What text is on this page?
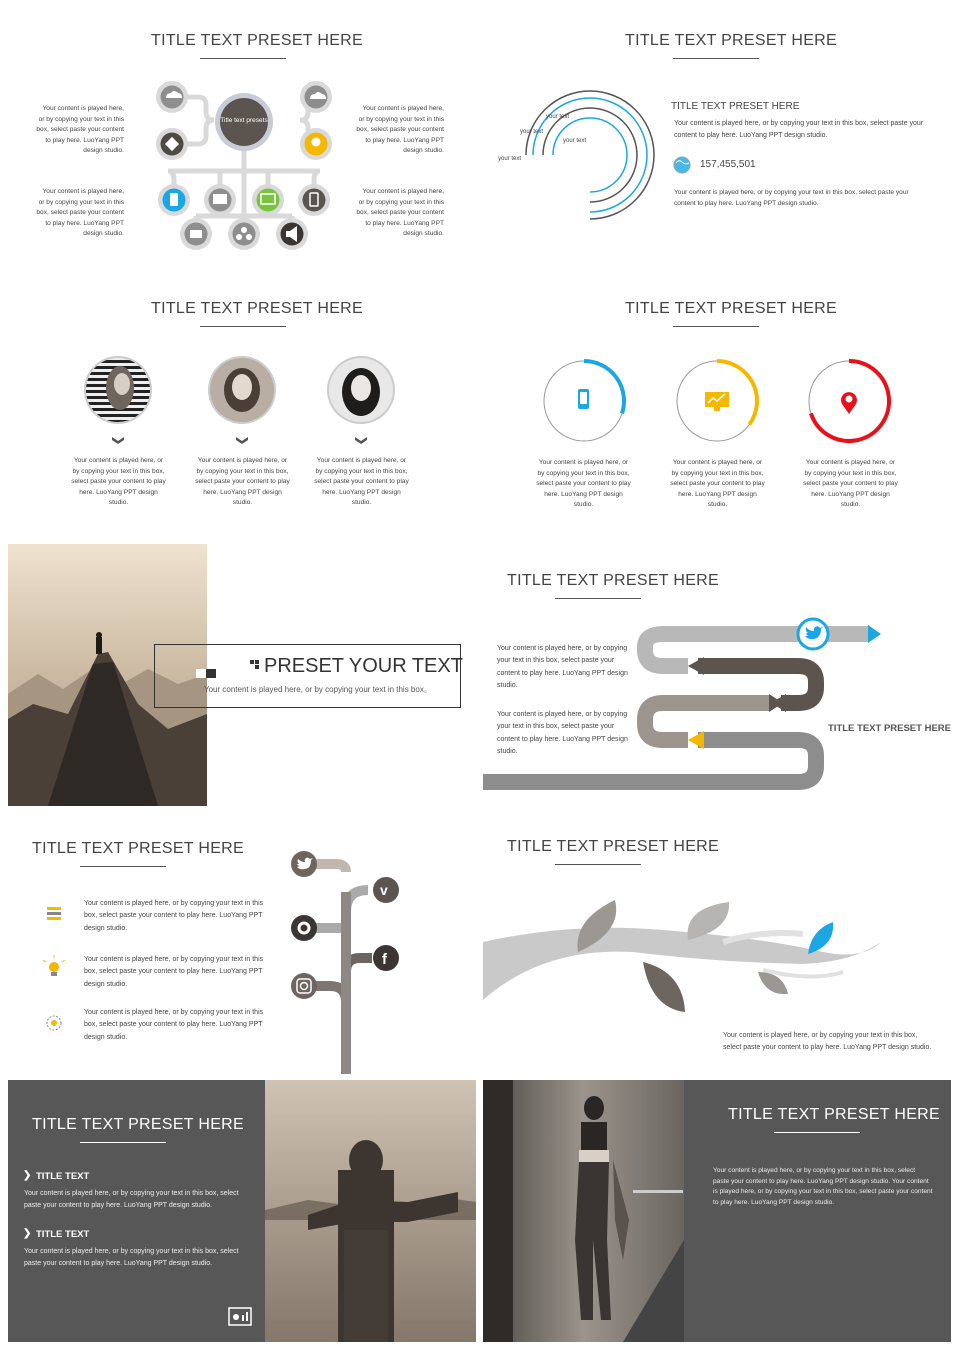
TITLE TEXT PRESET HERE
Title text presets
Your content is played here, or by copying your text in this box, select paste your content to play here. LuoYang PPT design studio.
Your content is played here, or by copying your text in this box, select paste your content to play here. LuoYang PPT design studio.
Your content is played here, or by copying your text in this box, select paste your content to play here. LuoYang PPT design studio.
Your content is played here, or by copying your text in this box, select paste your content to play here. LuoYang PPT design studio.
TITLE TEXT PRESET HERE
your text
your text
your text
your text
TITLE TEXT PRESET HERE
Your content is played here, or by copying your text in this box, select paste your content to play here. LuoYang PPT design studio.
157,455,501
Your content is played here, or by copying your text in this box, select paste your content to play here. LuoYang PPT design studio.
TITLE TEXT PRESET HERE
Your content is played here, or by copying your text in this box, select paste your content to play here. LuoYang PPT design studio.
Your content is played here, or by copying your text in this box, select paste your content to play here. LuoYang PPT design studio.
Your content is played here, or by copying your text in this box, select paste your content to play here. LuoYang PPT design studio.
TITLE TEXT PRESET HERE
Your content is played here, or by copying your text in this box, select paste your content to play here. LuoYang PPT design studio.
Your content is played here, or by copying your text in this box, select paste your content to play here. LuoYang PPT design studio.
Your content is played here, or by copying your text in this box, select paste your content to play here. LuoYang PPT design studio.
PRESET YOUR TEXT
Your content is played here, or by copying your text in this box。
TITLE TEXT PRESET HERE
Your content is played here, or by copying your text in this box, select paste your content to play here. LuoYang PPT design studio.
Your content is played here, or by copying your text in this box, select paste your content to play here. LuoYang PPT design studio.
TITLE TEXT PRESET HERE
TITLE TEXT PRESET HERE
v
f
Your content is played here, or by copying your text in this box, select paste your content to play here. LuoYang PPT design studio.
Your content is played here, or by copying your text in this box, select paste your content to play here. LuoYang PPT design studio.
Your content is played here, or by copying your text in this box, select paste your content to play here. LuoYang PPT design studio.
TITLE TEXT PRESET HERE
Your content is played here, or by copying your text in this box, select paste your content to play here. LuoYang PPT design studio.
TITLE TEXT PRESET HERE
❯ TITLE TEXT
Your content is played here, or by copying your text in this box, select paste your content to play here. LuoYang PPT design studio.
❯ TITLE TEXT
Your content is played here, or by copying your text in this box, select paste your content to play here. LuoYang PPT design studio.
TITLE TEXT PRESET HERE
Your content is played here, or by copying your text in this box, select paste your content to play here. LuoYang PPT design studio. Your content is played here, or by copying your text in this box, select paste your content to play here. LuoYang PPT design studio.
